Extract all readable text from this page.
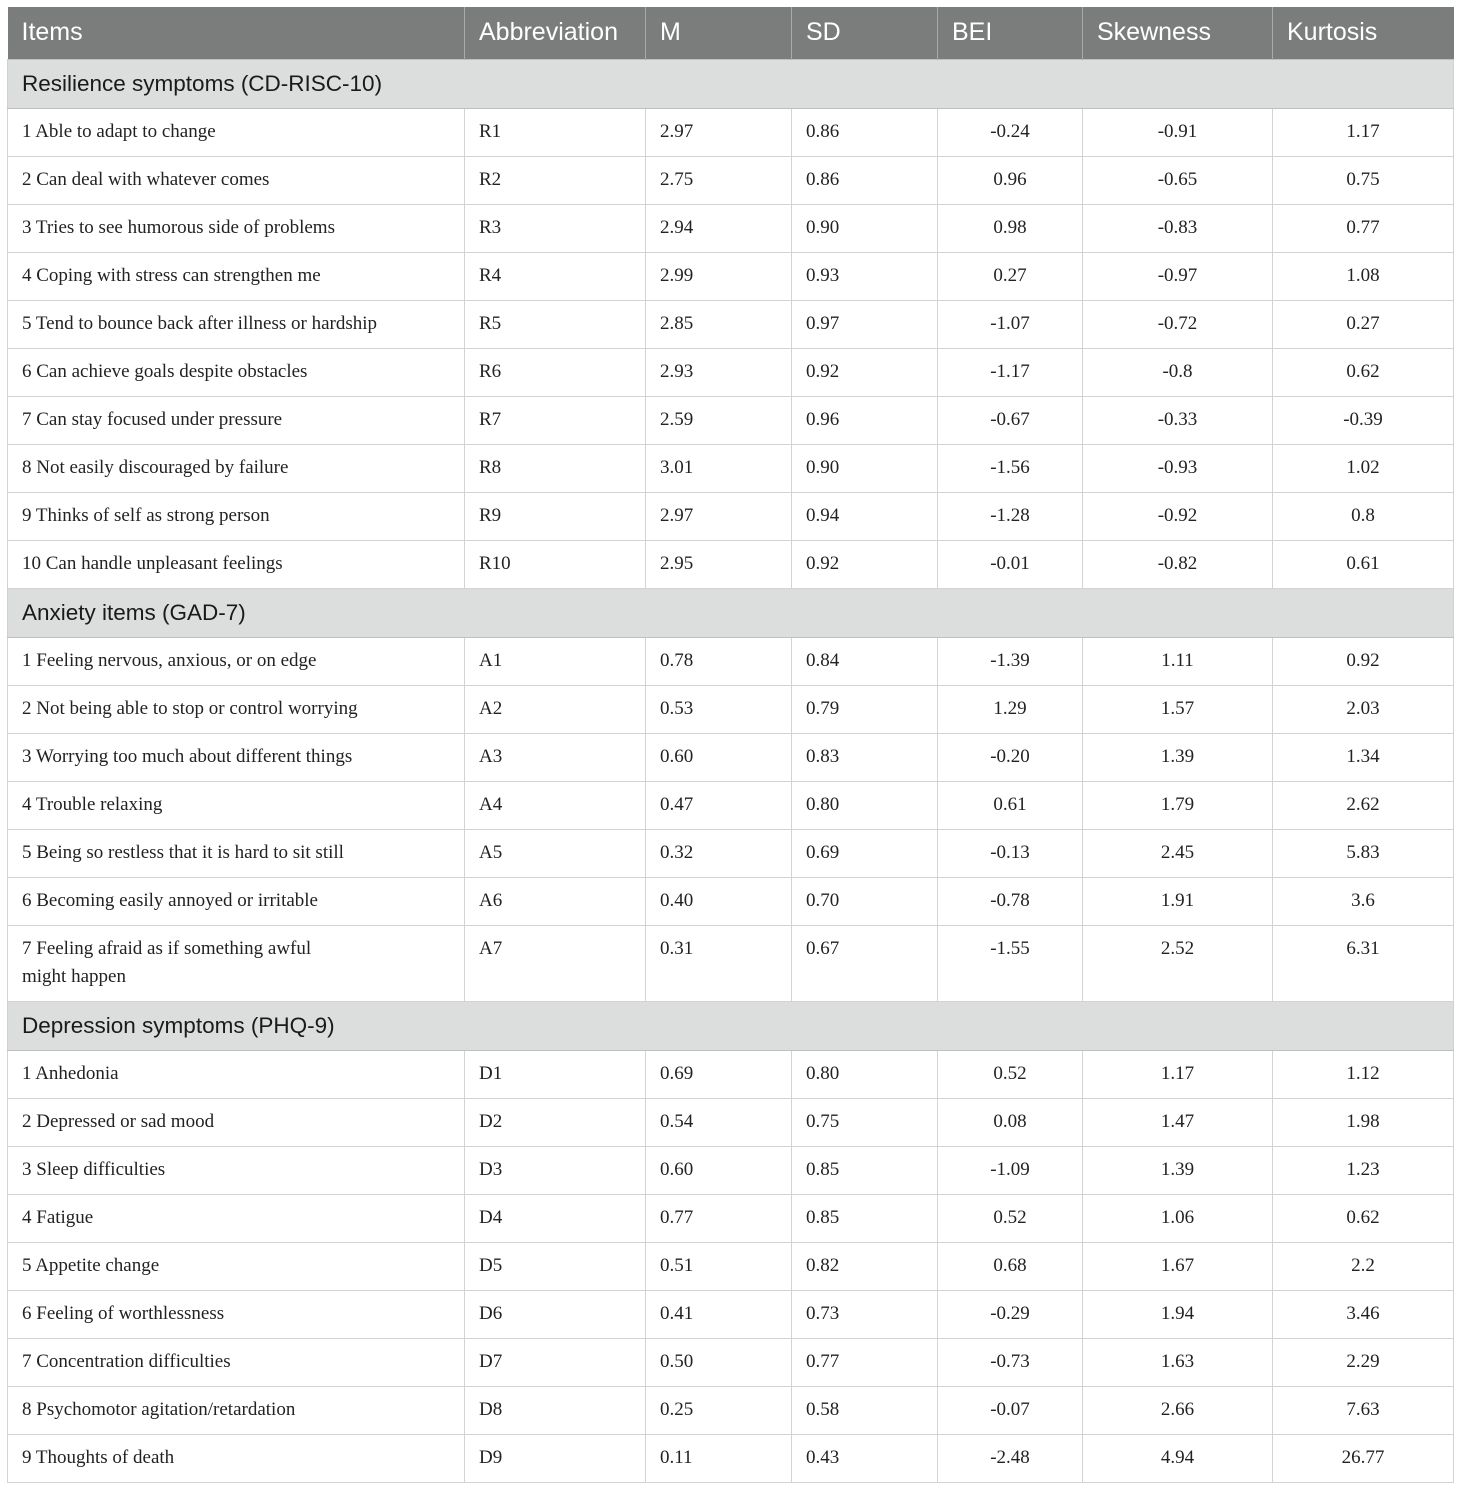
Items	Abbreviation	M	SD	BEI	Skewness	Kurtosis
Resilience symptoms (CD-RISC-10)						
1 Able to adapt to change	R1	2.97	0.86	-0.24	-0.91	1.17
2 Can deal with whatever comes	R2	2.75	0.86	0.96	-0.65	0.75
3 Tries to see humorous side of problems	R3	2.94	0.90	0.98	-0.83	0.77
4 Coping with stress can strengthen me	R4	2.99	0.93	0.27	-0.97	1.08
5 Tend to bounce back after illness or hardship	R5	2.85	0.97	-1.07	-0.72	0.27
6 Can achieve goals despite obstacles	R6	2.93	0.92	-1.17	-0.8	0.62
7 Can stay focused under pressure	R7	2.59	0.96	-0.67	-0.33	-0.39
8 Not easily discouraged by failure	R8	3.01	0.90	-1.56	-0.93	1.02
9 Thinks of self as strong person	R9	2.97	0.94	-1.28	-0.92	0.8
10 Can handle unpleasant feelings	R10	2.95	0.92	-0.01	-0.82	0.61
Anxiety items (GAD-7)						
1 Feeling nervous, anxious, or on edge	A1	0.78	0.84	-1.39	1.11	0.92
2 Not being able to stop or control worrying	A2	0.53	0.79	1.29	1.57	2.03
3 Worrying too much about different things	A3	0.60	0.83	-0.20	1.39	1.34
4 Trouble relaxing	A4	0.47	0.80	0.61	1.79	2.62
5 Being so restless that it is hard to sit still	A5	0.32	0.69	-0.13	2.45	5.83
6 Becoming easily annoyed or irritable	A6	0.40	0.70	-0.78	1.91	3.6
7 Feeling afraid as if something awful
might happen	A7	0.31	0.67	-1.55	2.52	6.31
Depression symptoms (PHQ-9)						
1 Anhedonia	D1	0.69	0.80	0.52	1.17	1.12
2 Depressed or sad mood	D2	0.54	0.75	0.08	1.47	1.98
3 Sleep difficulties	D3	0.60	0.85	-1.09	1.39	1.23
4 Fatigue	D4	0.77	0.85	0.52	1.06	0.62
5 Appetite change	D5	0.51	0.82	0.68	1.67	2.2
6 Feeling of worthlessness	D6	0.41	0.73	-0.29	1.94	3.46
7 Concentration difficulties	D7	0.50	0.77	-0.73	1.63	2.29
8 Psychomotor agitation/retardation	D8	0.25	0.58	-0.07	2.66	7.63
9 Thoughts of death	D9	0.11	0.43	-2.48	4.94	26.77
